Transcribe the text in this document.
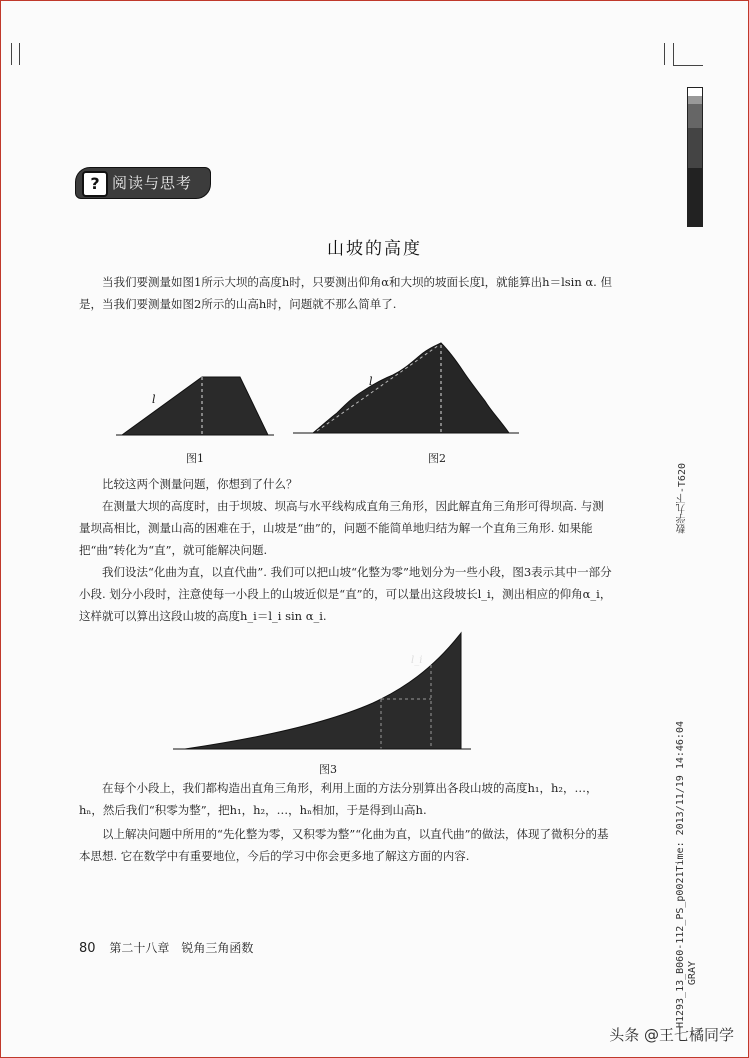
? 阅读与思考
山坡的高度

当我们要测量如图1所示大坝的高度h时，只要测出仰角α和大坝的坡面长度l，就能算出h＝lsin α. 但是，当我们要测量如图2所示的山高h时，问题就不那么简单了.

l
图1
l
图2

比较这两个测量问题，你想到了什么？

在测量大坝的高度时，由于坝坡、坝高与水平线构成直角三角形，因此解直角三角形可得坝高. 与测量坝高相比，测量山高的困难在于，山坡是“曲”的，问题不能简单地归结为解一个直角三角形. 如果能把“曲”转化为“直”，就可能解决问题.

我们设法“化曲为直，以直代曲”. 我们可以把山坡“化整为零”地划分为一些小段，图3表示其中一部分小段. 划分小段时，注意使每一小段上的山坡近似是“直”的，可以量出这段坡长l_i，测出相应的仰角α_i，这样就可以算出这段山坡的高度h_i＝l_i sin α_i.

l_i
图3

在每个小段上，我们都构造出直角三角形，利用上面的方法分别算出各段山坡的高度h₁，h₂，…，hₙ，然后我们“积零为整”，把h₁，h₂，…，hₙ相加，于是得到山高h.

以上解决问题中所用的“先化整为零，又积零为整”“化曲为直，以直代曲”的做法，体现了微积分的基本思想. 它在数学中有重要地位，今后的学习中你会更多地了解这方面的内容.

80 第二十八章　锐角三角函数
数学九下-T620
H1293_13_B060-112_PS_p0021Time: 2013/11/19 14:46:04 GRAY
头条 @王七橘同学
